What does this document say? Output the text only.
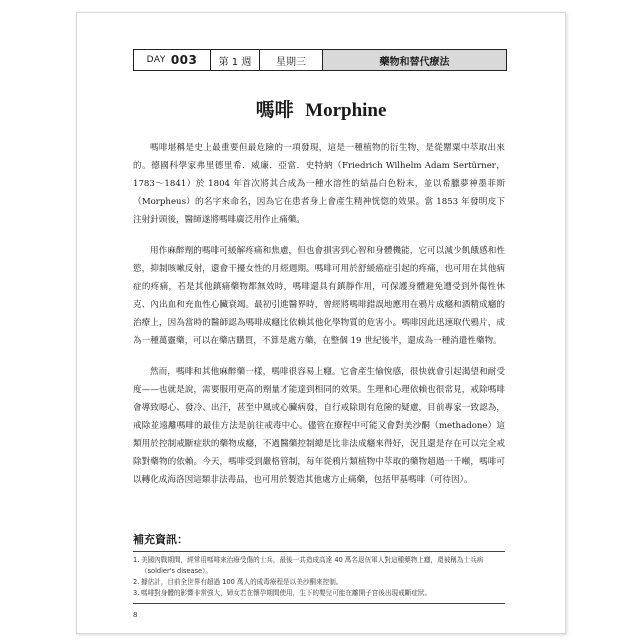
DAY 003	第 1 週	星期三	藥物和替代療法
嗎啡 Morphine

嗎啡堪稱是史上最重要但最危險的一項發現，這是一種植物的衍生物，是從罌粟中萃取出來的。德國科學家弗里德里希．威廉．亞當．史特納（Friedrich Wilhelm Adam Sertürner，1783～1841）於 1804 年首次將其合成為一種水溶性的結晶白色粉末，並以希臘夢神墨菲斯（Morpheus）的名字來命名，因為它在患者身上會產生精神恍惚的效果。當 1853 年發明皮下注射針頭後，醫師遂將嗎啡廣泛用作止痛藥。

用作麻醉劑的嗎啡可緩解疼痛和焦慮，但也會損害到心智和身體機能，它可以減少飢餓感和性慾，抑制咳嗽反射，還會干擾女性的月經週期。嗎啡可用於舒緩癌症引起的疼痛，也可用在其他病症的疼痛，若是其他鎮痛藥物都無效時，嗎啡還具有鎮靜作用，可保護身體避免遭受到外傷性休克、內出血和充血性心臟衰竭。最初引進醫界時，曾經將嗎啡錯誤地應用在鴉片成癮和酒精成癮的治療上，因為當時的醫師認為嗎啡成癮比依賴其他化學物質的危害小。嗎啡因此迅速取代鴉片，成為一種萬靈藥，可以在藥店購買，不算是處方藥，在整個 19 世紀後半，還成為一種消遣性藥物。

然而，嗎啡和其他麻醉藥一樣，嗎啡很容易上癮。它會產生愉悅感，很快就會引起渴望和耐受度——也就是說，需要服用更高的劑量才能達到相同的效果。生理和心理依賴也很常見，戒除嗎啡會導致噁心、發冷、出汗，甚至中風或心臟病發，自行戒除則有危險的疑慮，目前專家一致認為，戒除並遠離嗎啡的最佳方法是前往戒毒中心。儘管在療程中可能又會對美沙酮（methadone）這類用於控制戒斷症狀的藥物成癮，不過醫藥控制總是比非法成癮來得好，況且還是存在可以完全戒除對藥物的依賴。今天，嗎啡受到嚴格管制，每年從鴉片類植物中萃取的藥物超過一千噸，嗎啡可以轉化成海洛因這類非法毒品，也可用於製造其他處方止痛藥，包括甲基嗎啡（可待因）。

補充資訊：
1. 美國內戰期間，經常用嗎啡來治療受傷的士兵，最後一共造成高達 40 萬名退伍軍人對這種藥物上癮，還被稱為士兵病（soldier's disease）。
2. 據估計，目前全世界有超過 100 萬人的成毒療程是以美沙酮來控制。
3. 嗎啡對身體的影響非常強大，婦女若在懷孕期間使用，生下的嬰兒可能在離開子宮後出現戒斷症狀。
8
